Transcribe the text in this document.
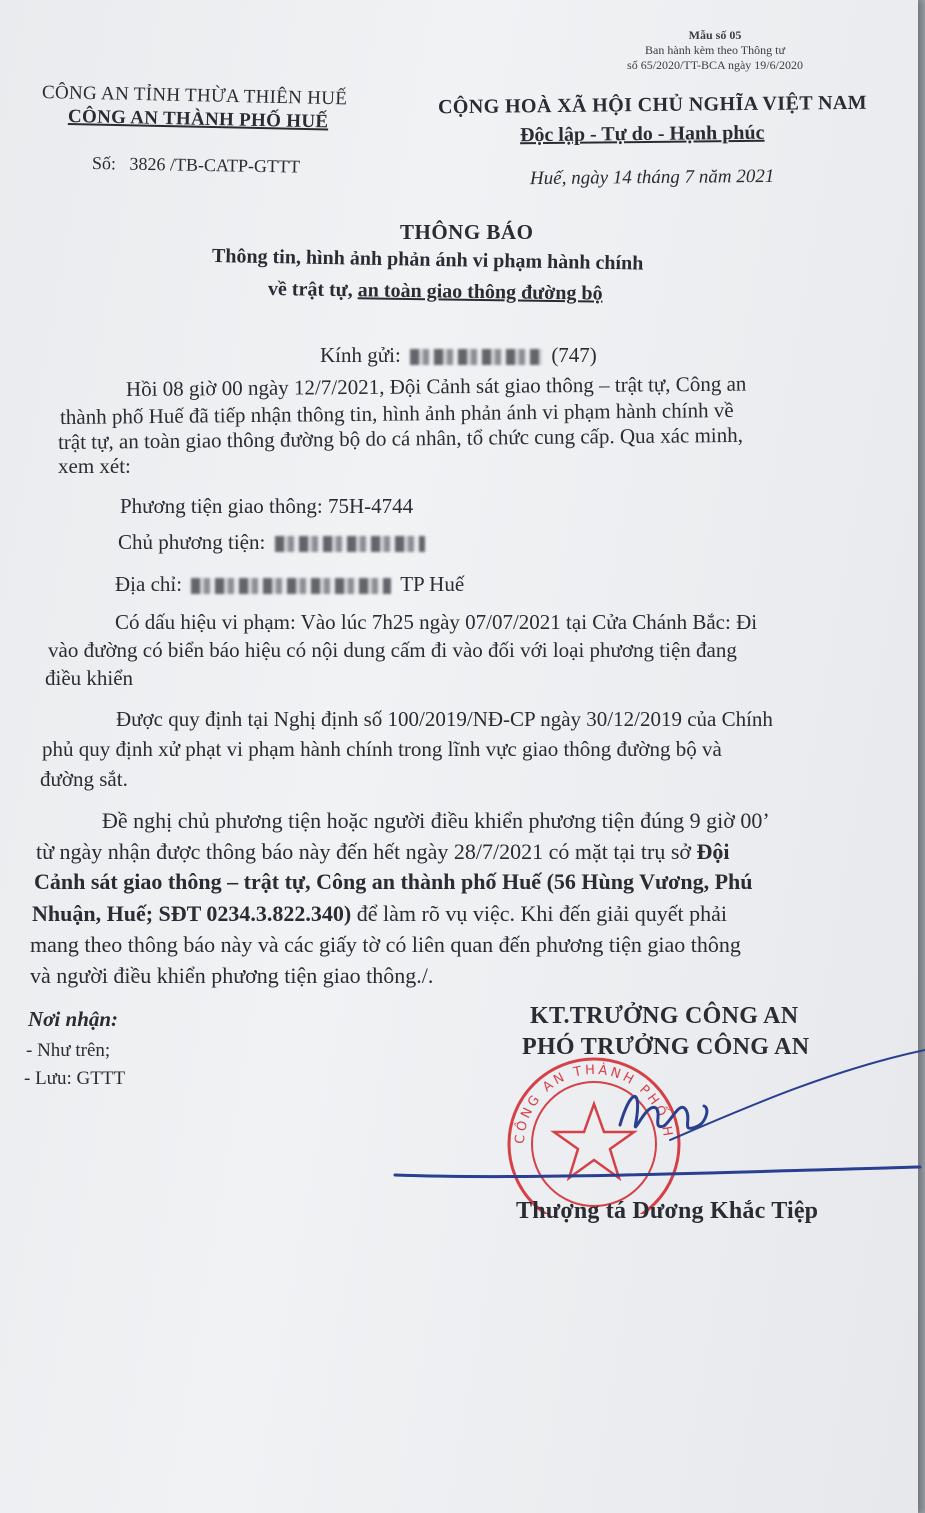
Mẫu số 05
Ban hành kèm theo Thông tư
số 65/2020/TT-BCA ngày 19/6/2020
CÔNG AN TỈNH THỪA THIÊN HUẾ
CÔNG AN THÀNH PHỐ HUẾ
CỘNG HOÀ XÃ HỘI CHỦ NGHĨA VIỆT NAM
Độc lập - Tự do - Hạnh phúc
Số: 3826 /TB-CATP-GTTT
Huế, ngày 14 tháng 7 năm 2021
THÔNG BÁO
Thông tin, hình ảnh phản ánh vi phạm hành chính
về trật tự, an toàn giao thông đường bộ
Kính gửi:	(747)
Hồi 08 giờ 00 ngày 12/7/2021, Đội Cảnh sát giao thông – trật tự, Công an
thành phố Huế đã tiếp nhận thông tin, hình ảnh phản ánh vi phạm hành chính về
trật tự, an toàn giao thông đường bộ do cá nhân, tổ chức cung cấp. Qua xác minh,
xem xét:
Phương tiện giao thông: 75H-4744
Chủ phương tiện:
Địa chỉ:	TP Huế
Có dấu hiệu vi phạm: Vào lúc 7h25 ngày 07/07/2021 tại Cửa Chánh Bắc: Đi
vào đường có biển báo hiệu có nội dung cấm đi vào đối với loại phương tiện đang
điều khiển
Được quy định tại Nghị định số 100/2019/NĐ-CP ngày 30/12/2019 của Chính
phủ quy định xử phạt vi phạm hành chính trong lĩnh vực giao thông đường bộ và
đường sắt.
Đề nghị chủ phương tiện hoặc người điều khiển phương tiện đúng 9 giờ 00’
từ ngày nhận được thông báo này đến hết ngày 28/7/2021 có mặt tại trụ sở Đội
Cảnh sát giao thông – trật tự, Công an thành phố Huế (56 Hùng Vương, Phú
Nhuận, Huế; SĐT 0234.3.822.340) để làm rõ vụ việc. Khi đến giải quyết phải
mang theo thông báo này và các giấy tờ có liên quan đến phương tiện giao thông
và người điều khiển phương tiện giao thông./.
Nơi nhận:
- Như trên;
- Lưu: GTTT
KT.TRƯỞNG CÔNG AN
PHÓ TRƯỞNG CÔNG AN
CÔNG AN THÀNH PHỐ H
Thượng tá Dương Khắc Tiệp
